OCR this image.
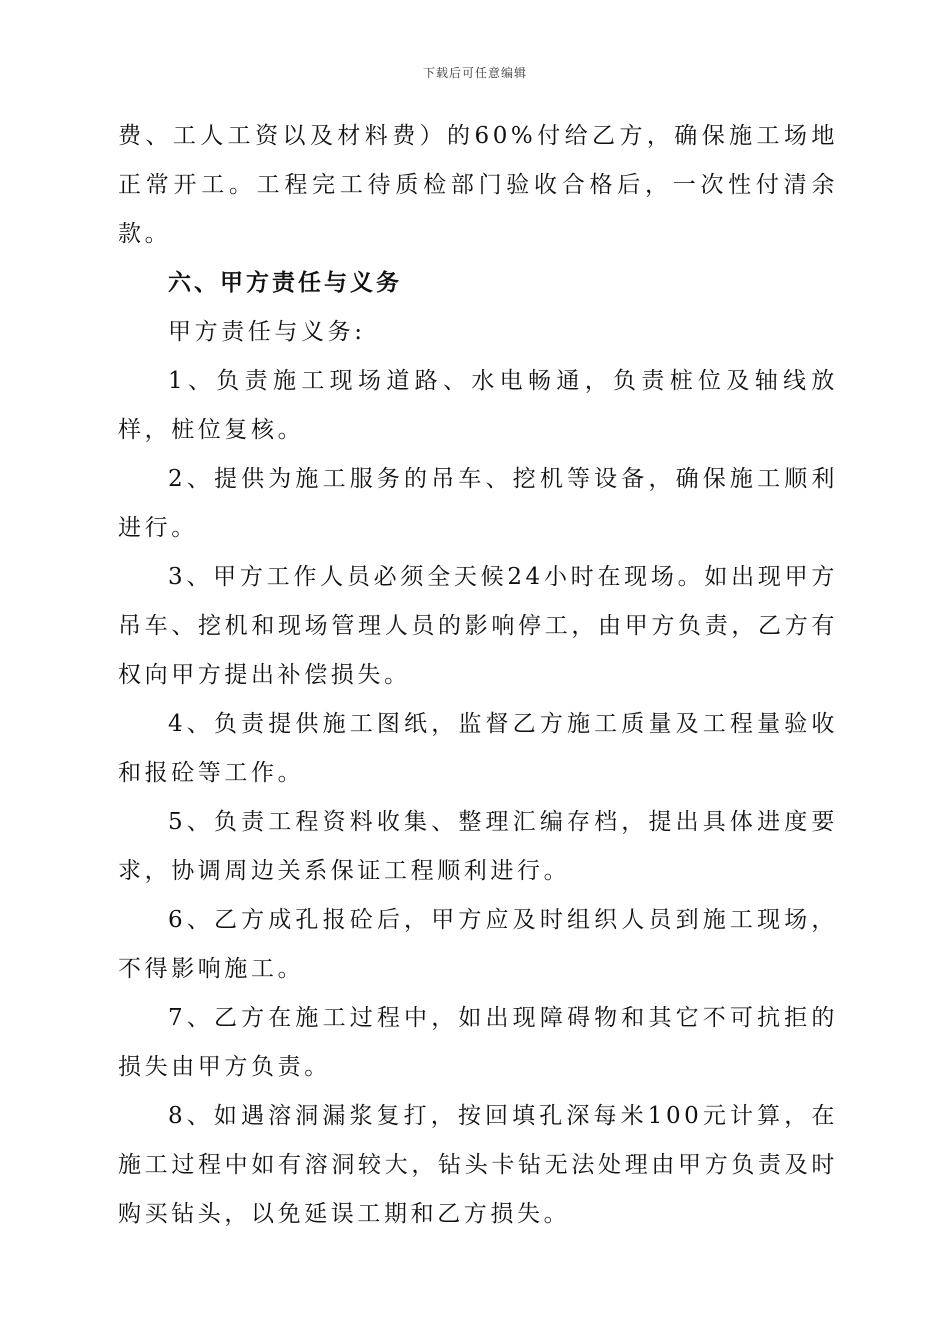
下载后可任意编辑

费、工人工资以及材料费）的60%付给乙方，确保施工场地正常开工。工程完工待质检部门验收合格后，一次性付清余款。

六、甲方责任与义务

甲方责任与义务:

1、负责施工现场道路、水电畅通，负责桩位及轴线放样，桩位复核。

2、提供为施工服务的吊车、挖机等设备，确保施工顺利进行。

3、甲方工作人员必须全天候24小时在现场。如出现甲方吊车、挖机和现场管理人员的影响停工，由甲方负责，乙方有权向甲方提出补偿损失。

4、负责提供施工图纸，监督乙方施工质量及工程量验收和报砼等工作。

5、负责工程资料收集、整理汇编存档，提出具体进度要求，协调周边关系保证工程顺利进行。

6、乙方成孔报砼后，甲方应及时组织人员到施工现场，不得影响施工。

7、乙方在施工过程中，如出现障碍物和其它不可抗拒的损失由甲方负责。

8、如遇溶洞漏浆复打，按回填孔深每米100元计算，在施工过程中如有溶洞较大，钻头卡钻无法处理由甲方负责及时购买钻头，以免延误工期和乙方损失。
